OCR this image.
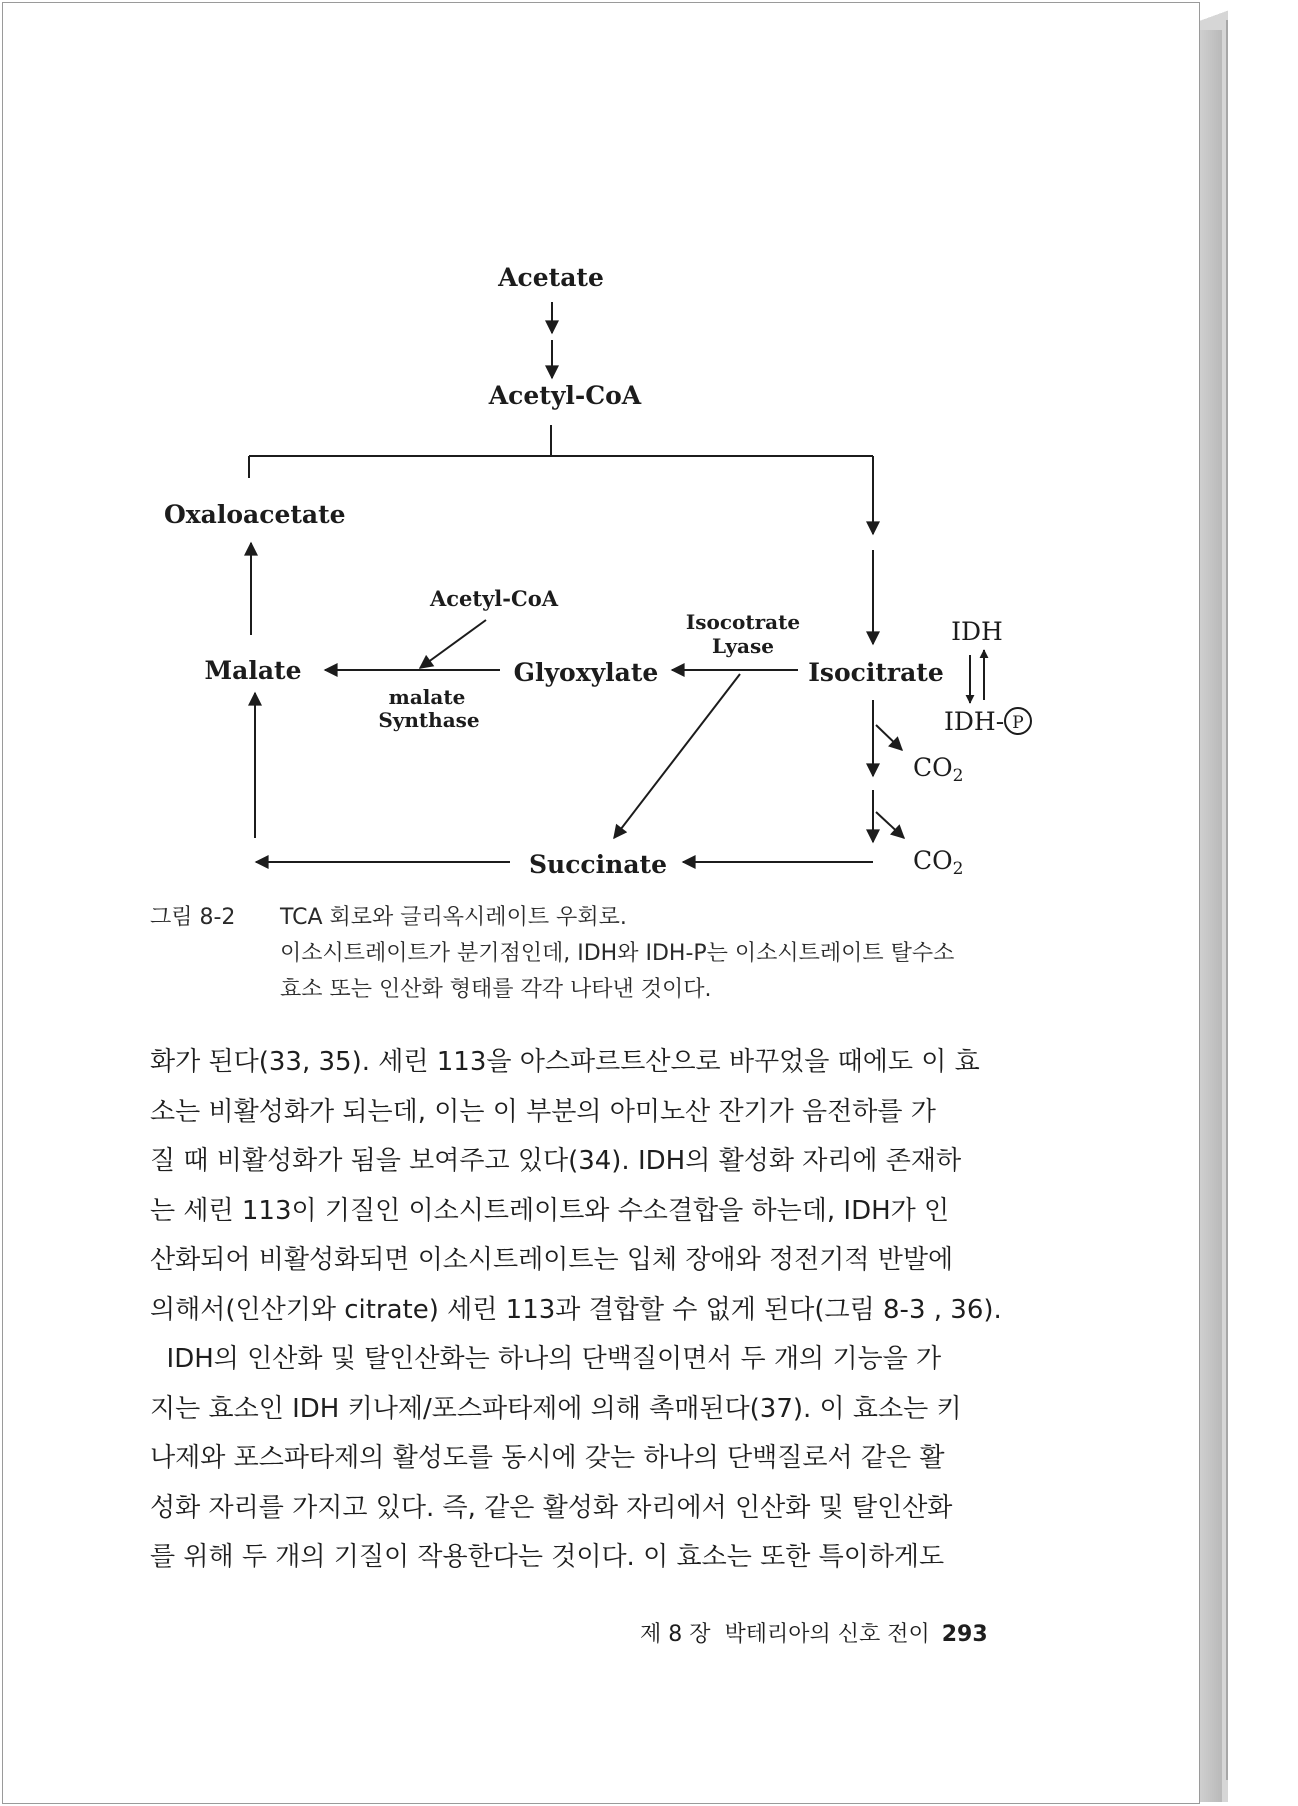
Acetate
Acetyl-CoA
Oxaloacetate
Acetyl-CoA
Isocotrate
Lyase	IDH
Malate	Glyoxylate	Isocitrate
malate
Synthase	IDH- P
$CO_2$
$CO_2$
Succinate
그림 8-2 TCA 회로와 글리옥시레이트 우회로.
이소시트레이트가 분기점인데, IDH와 IDH-P는 이소시트레이트 탈수소
효소 또는 인산화 형태를 각각 나타낸 것이다.
화가 된다(33, 35). 세린 113을 아스파르트산으로 바꾸었을 때에도 이 효
소는 비활성화가 되는데, 이는 이 부분의 아미노산 잔기가 음전하를 가
질 때 비활성화가 됨을 보여주고 있다(34). IDH의 활성화 자리에 존재하
는 세린 113이 기질인 이소시트레이트와 수소결합을 하는데, IDH가 인
산화되어 비활성화되면 이소시트레이트는 입체 장애와 정전기적 반발에
의해서(인산기와 citrate) 세린 113과 결합할 수 없게 된다(그림 8-3 , 36).
IDH의 인산화 및 탈인산화는 하나의 단백질이면서 두 개의 기능을 가
지는 효소인 IDH 키나제/포스파타제에 의해 촉매된다(37). 이 효소는 키
나제와 포스파타제의 활성도를 동시에 갖는 하나의 단백질로서 같은 활
성화 자리를 가지고 있다. 즉, 같은 활성화 자리에서 인산화 및 탈인산화
를 위해 두 개의 기질이 작용한다는 것이다. 이 효소는 또한 특이하게도
제 8 장  박테리아의 신호 전이 293
